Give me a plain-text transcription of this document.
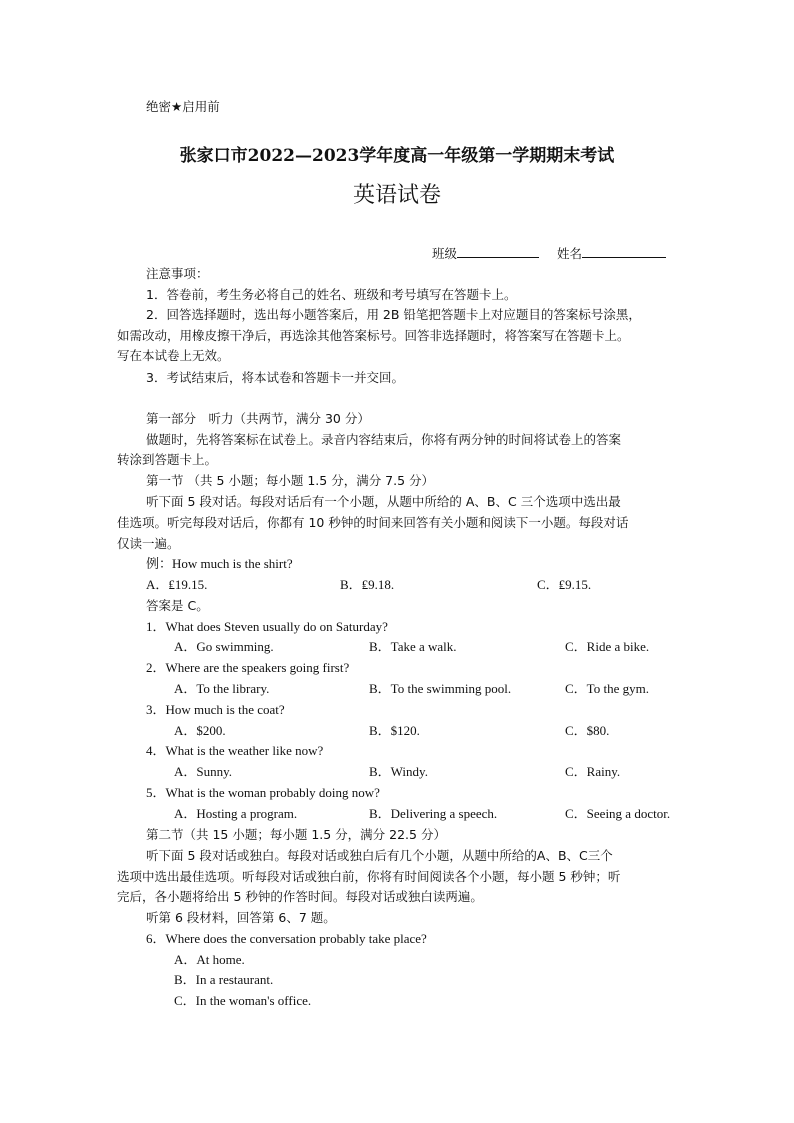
绝密★启用前
张家口市2022—2023学年度高一年级第一学期期末考试
英语试卷
班级	姓名
注意事项：
1．答卷前，考生务必将自己的姓名、班级和考号填写在答题卡上。
2．回答选择题时，选出每小题答案后，用 2B 铅笔把答题卡上对应题目的答案标号涂黑，
如需改动，用橡皮擦干净后，再选涂其他答案标号。回答非选择题时，将答案写在答题卡上。
写在本试卷上无效。
3．考试结束后，将本试卷和答题卡一并交回。
第一部分　听力（共两节，满分 30 分）
做题时，先将答案标在试卷上。录音内容结束后，你将有两分钟的时间将试卷上的答案
转涂到答题卡上。
第一节 （共 5 小题；每小题 1.5 分，满分 7.5 分）
听下面 5 段对话。每段对话后有一个小题，从题中所给的 A、B、C 三个选项中选出最
佳选项。听完每段对话后，你都有 10 秒钟的时间来回答有关小题和阅读下一小题。每段对话
仅读一遍。
例：How much is the shirt?
A．₤19.15.	B．₤9.18.	C．₤9.15.
答案是 C。
1．What does Steven usually do on Saturday?
A．Go swimming.	B．Take a walk.	C．Ride a bike.
2．Where are the speakers going first?
A．To the library.	B．To the swimming pool.	C．To the gym.
3．How much is the coat?
A．$200.	B．$120.	C．$80.
4．What is the weather like now?
A．Sunny.	B．Windy.	C．Rainy.
5．What is the woman probably doing now?
A．Hosting a program.	B．Delivering a speech.	C．Seeing a doctor.
第二节（共 15 小题；每小题 1.5 分，满分 22.5 分）
听下面 5 段对话或独白。每段对话或独白后有几个小题，从题中所给的A、B、C三个
选项中选出最佳选项。听每段对话或独白前，你将有时间阅读各个小题，每小题 5 秒钟；听
完后，各小题将给出 5 秒钟的作答时间。每段对话或独白读两遍。
听第 6 段材料，回答第 6、7 题。
6．Where does the conversation probably take place?
A．At home.
B．In a restaurant.
C．In the woman's office.
